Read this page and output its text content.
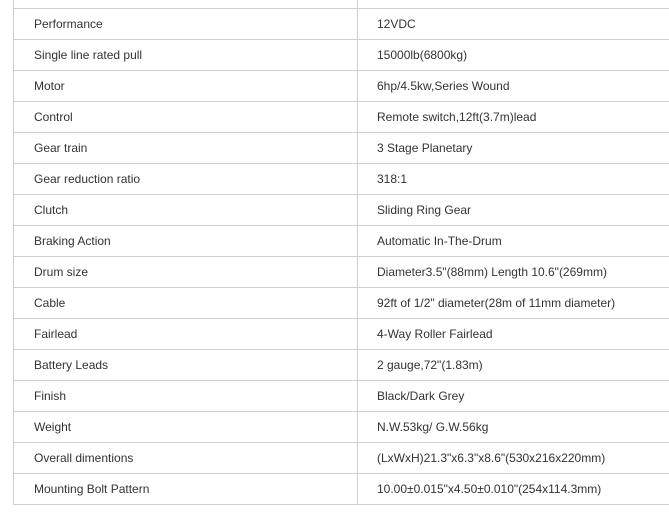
Performance	12VDC
Single line rated pull	15000lb(6800kg)
Motor	6hp/4.5kw,Series Wound
Control	Remote switch,12ft(3.7m)lead
Gear train	3 Stage Planetary
Gear reduction ratio	318:1
Clutch	Sliding Ring Gear
Braking Action	Automatic In-The-Drum
Drum size	Diameter3.5"(88mm) Length 10.6"(269mm)
Cable	92ft of 1/2" diameter(28m of 11mm diameter)
Fairlead	4-Way Roller Fairlead
Battery Leads	2 gauge,72"(1.83m)
Finish	Black/Dark Grey
Weight	N.W.53kg/ G.W.56kg
Overall dimentions	(LxWxH)21.3"x6.3"x8.6"(530x216x220mm)
Mounting Bolt Pattern	10.00±0.015"x4.50±0.010"(254x114.3mm)
